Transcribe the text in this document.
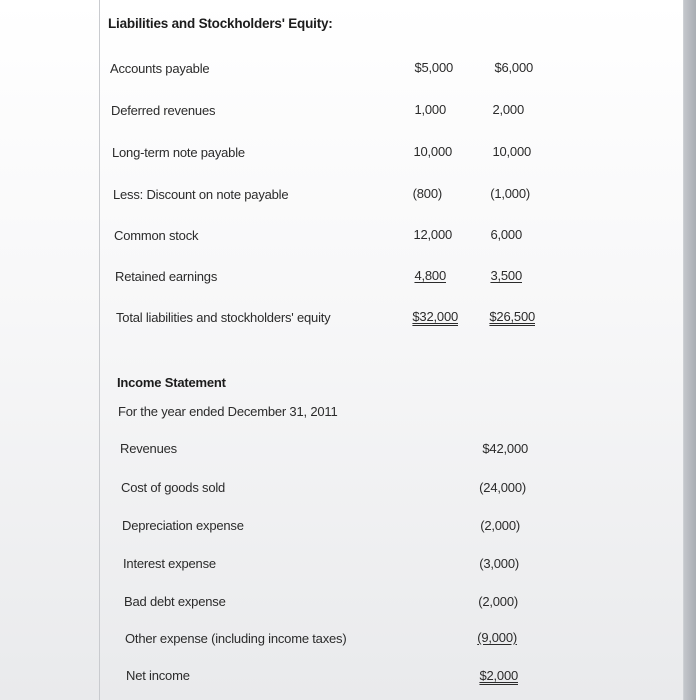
Liabilities and Stockholders' Equity:
Accounts payable	$5,000	$6,000
Deferred revenues	1,000	2,000
Long-term note payable	10,000	10,000
Less: Discount on note payable	(800)	(1,000)
Common stock	12,000	6,000
Retained earnings	4,800	3,500
Total liabilities and stockholders' equity	$32,000	$26,500
Income Statement
For the year ended December 31, 2011
Revenues	$42,000
Cost of goods sold	(24,000)
Depreciation expense	(2,000)
Interest expense	(3,000)
Bad debt expense	(2,000)
Other expense (including income taxes)	(9,000)
Net income	$2,000
